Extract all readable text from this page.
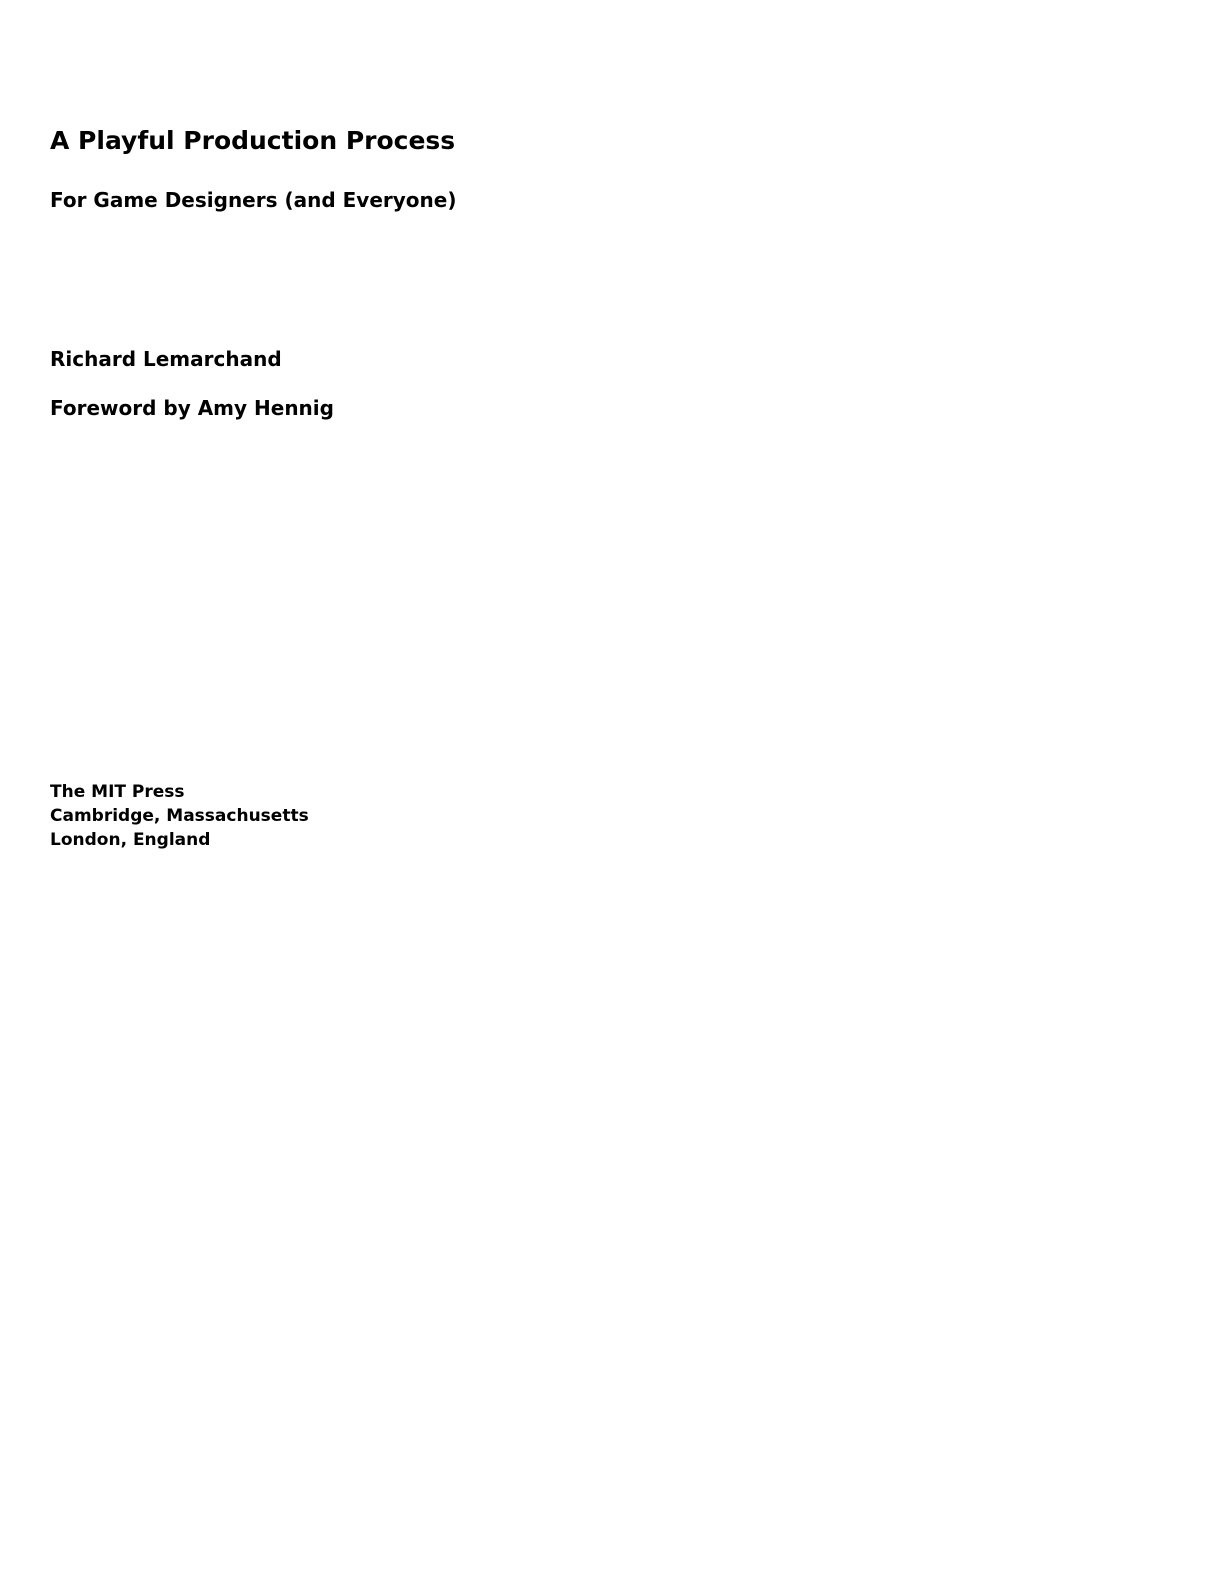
A Playful Production Process
For Game Designers (and Everyone)
Richard Lemarchand
Foreword by Amy Hennig
The MIT Press
Cambridge, Massachusetts
London, England
